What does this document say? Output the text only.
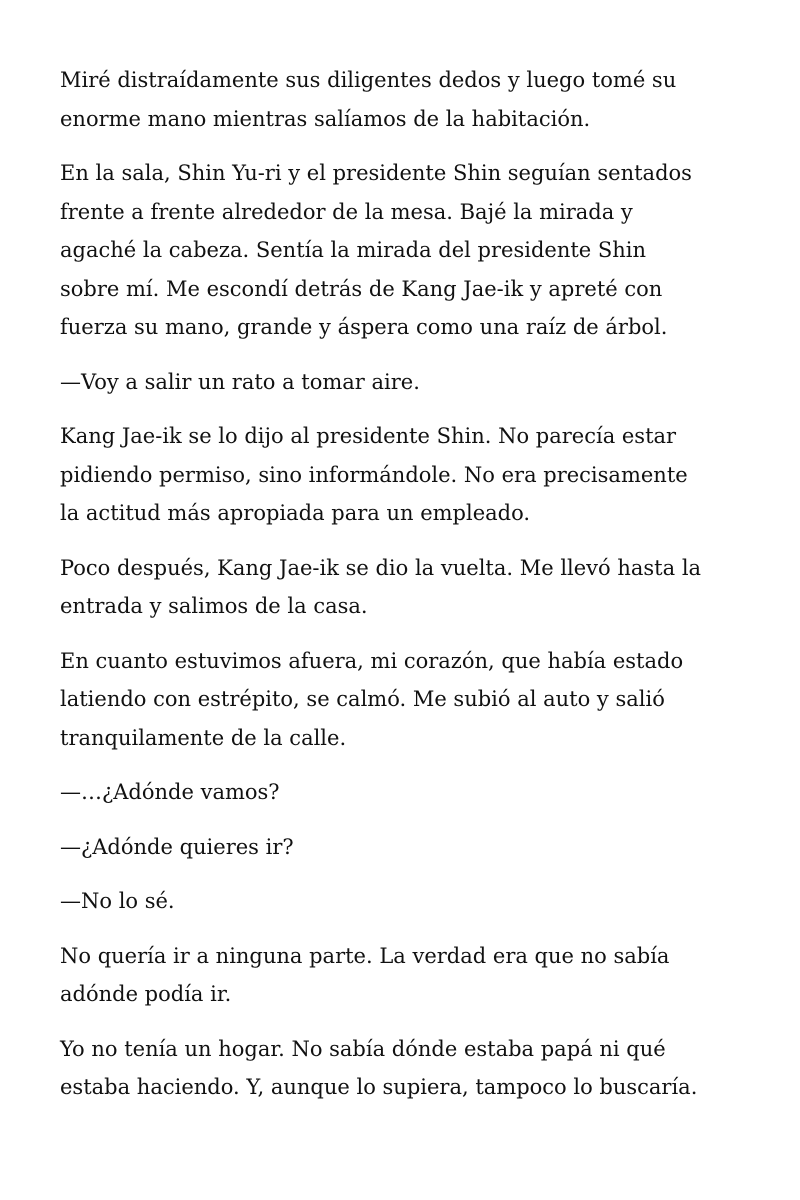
Miré distraídamente sus diligentes dedos y luego tomé su
enorme mano mientras salíamos de la habitación.

En la sala, Shin Yu-ri y el presidente Shin seguían sentados
frente a frente alrededor de la mesa. Bajé la mirada y
agaché la cabeza. Sentía la mirada del presidente Shin
sobre mí. Me escondí detrás de Kang Jae-ik y apreté con
fuerza su mano, grande y áspera como una raíz de árbol.

—Voy a salir un rato a tomar aire.

Kang Jae-ik se lo dijo al presidente Shin. No parecía estar
pidiendo permiso, sino informándole. No era precisamente
la actitud más apropiada para un empleado.

Poco después, Kang Jae-ik se dio la vuelta. Me llevó hasta la
entrada y salimos de la casa.

En cuanto estuvimos afuera, mi corazón, que había estado
latiendo con estrépito, se calmó. Me subió al auto y salió
tranquilamente de la calle.

—…¿Adónde vamos?

—¿Adónde quieres ir?

—No lo sé.

No quería ir a ninguna parte. La verdad era que no sabía
adónde podía ir.

Yo no tenía un hogar. No sabía dónde estaba papá ni qué
estaba haciendo. Y, aunque lo supiera, tampoco lo buscaría.
